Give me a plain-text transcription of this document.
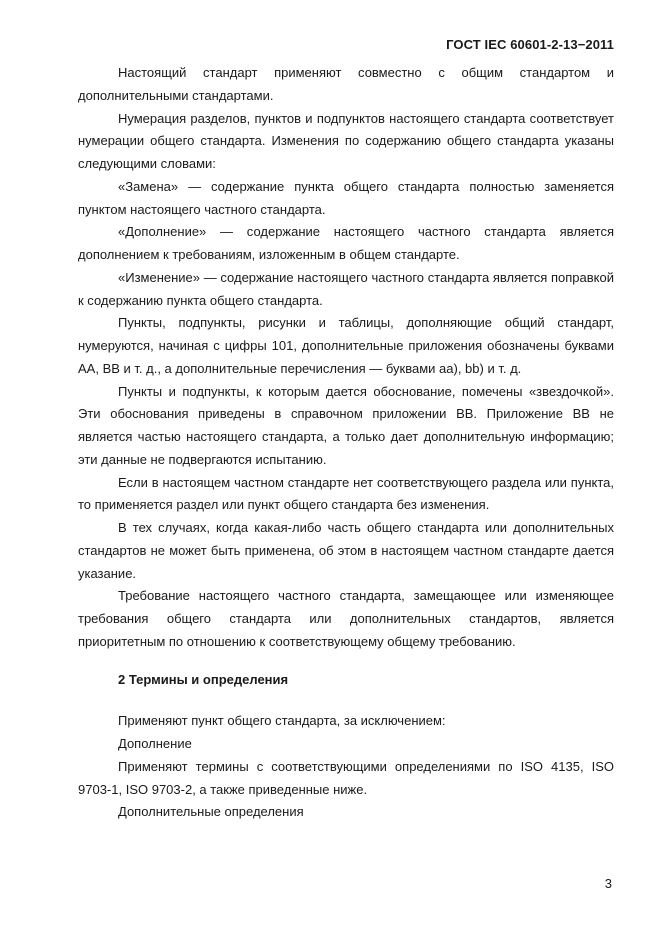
ГОСТ IEC 60601-2-13−2011

Настоящий стандарт применяют совместно с общим стандартом и дополнительными стандартами.

Нумерация разделов, пунктов и подпунктов настоящего стандарта соответствует нумерации общего стандарта. Изменения по содержанию общего стандарта указаны следующими словами:

«Замена» — содержание пункта общего стандарта полностью заменяется пунктом настоящего частного стандарта.

«Дополнение» — содержание настоящего частного стандарта является дополнением к требованиям, изложенным в общем стандарте.

«Изменение» — содержание настоящего частного стандарта является поправкой к содержанию пункта общего стандарта.

Пункты, подпункты, рисунки и таблицы, дополняющие общий стандарт, нумеруются, начиная с цифры 101, дополнительные приложения обозначены буквами АА, ВВ и т. д., а дополнительные перечисления — буквами аа), bb) и т. д.

Пункты и подпункты, к которым дается обоснование, помечены «звездочкой». Эти обоснования приведены в справочном приложении ВВ. Приложение ВВ не является частью настоящего стандарта, а только дает дополнительную информацию; эти данные не подвергаются испытанию.

Если в настоящем частном стандарте нет соответствующего раздела или пункта, то применяется раздел или пункт общего стандарта без изменения.

В тех случаях, когда какая-либо часть общего стандарта или дополнительных стандартов не может быть применена, об этом в настоящем частном стандарте дается указание.

Требование настоящего частного стандарта, замещающее или изменяющее требования общего стандарта или дополнительных стандартов, является приоритетным по отношению к соответствующему общему требованию.

2 Термины и определения

Применяют пункт общего стандарта, за исключением:

Дополнение

Применяют термины с соответствующими определениями по ISO 4135, ISO 9703-1, ISO 9703-2, а также приведенные ниже.

Дополнительные определения

3
